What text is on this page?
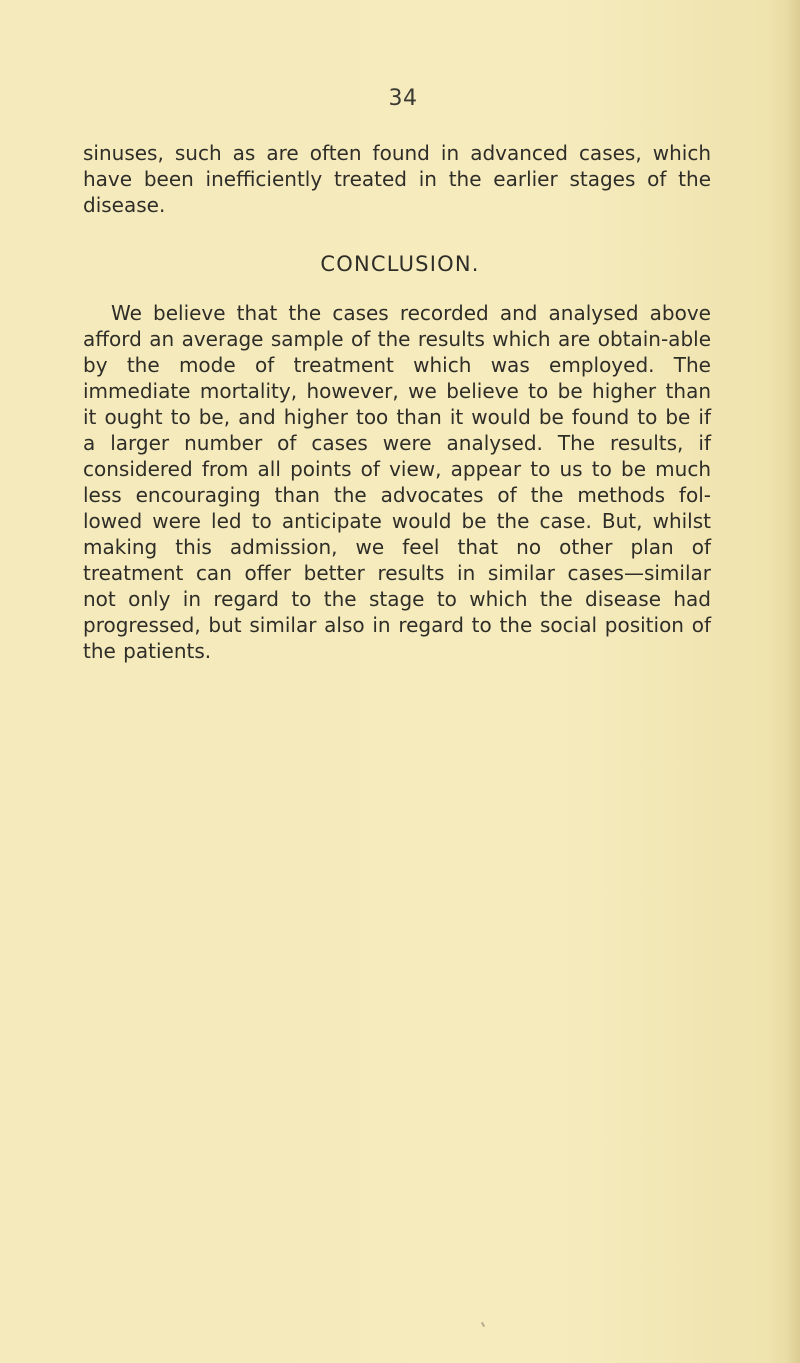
34
sinuses, such as are often found in advanced cases, which have been inefficiently treated in the earlier stages of the disease.
CONCLUSION.
We believe that the cases recorded and analysed above afford an average sample of the results which are obtain-able by the mode of treatment which was employed. The immediate mortality, however, we believe to be higher than it ought to be, and higher too than it would be found to be if a larger number of cases were analysed. The results, if considered from all points of view, appear to us to be much less encouraging than the advocates of the methods fol-lowed were led to anticipate would be the case. But, whilst making this admission, we feel that no other plan of treatment can offer better results in similar cases—similar not only in regard to the stage to which the disease had progressed, but similar also in regard to the social position of the patients.
